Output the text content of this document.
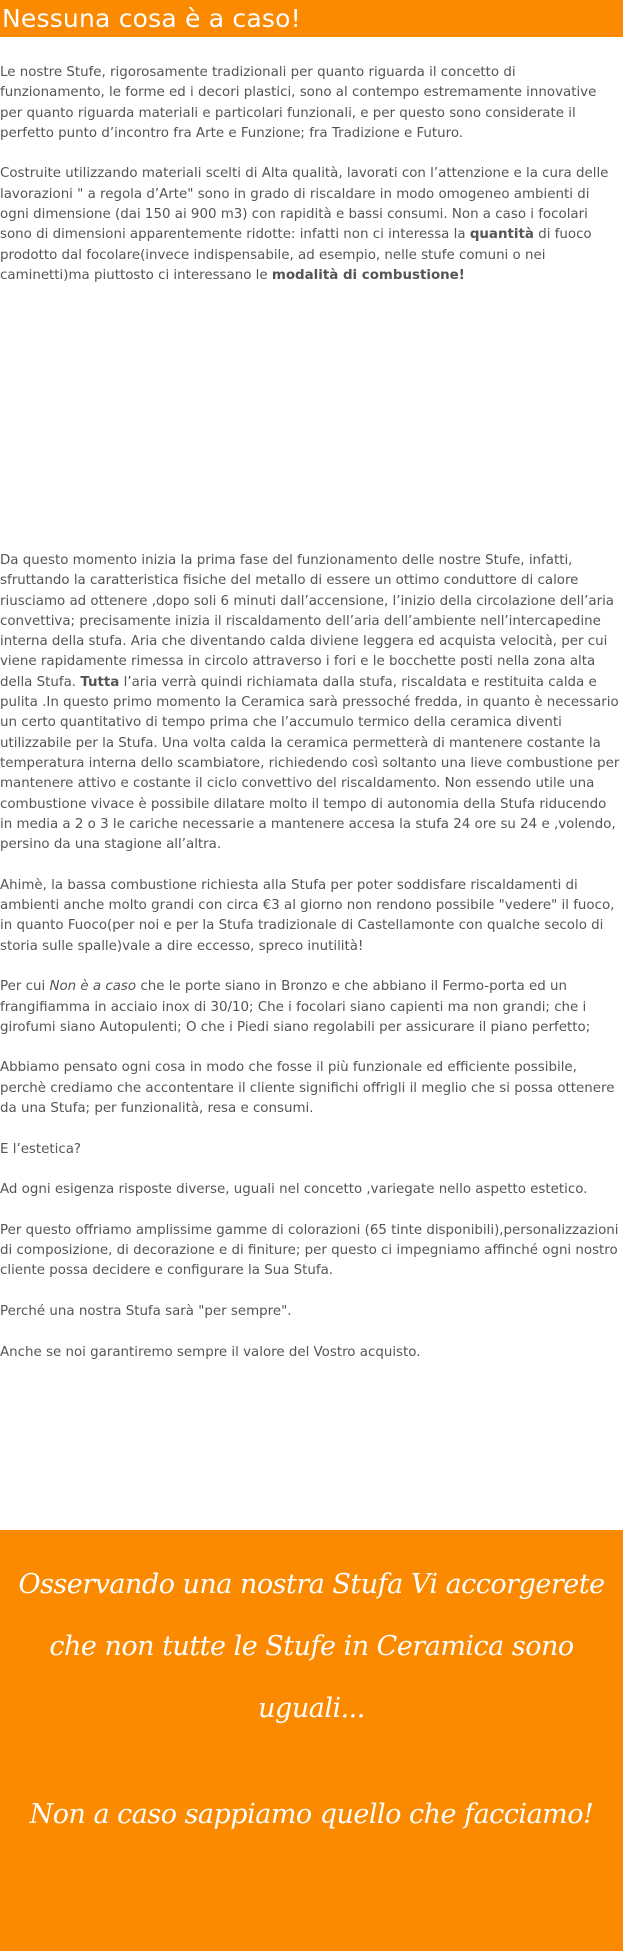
Nessuna cosa è a caso!

Le nostre Stufe, rigorosamente tradizionali per quanto riguarda il concetto di funzionamento, le forme ed i decori plastici, sono al contempo estremamente innovative per quanto riguarda materiali e particolari funzionali, e per questo sono considerate il perfetto punto d’incontro fra Arte e Funzione; fra Tradizione e Futuro.

Costruite utilizzando materiali scelti di Alta qualità, lavorati con l’attenzione e la cura delle lavorazioni " a regola d’Arte" sono in grado di riscaldare in modo omogeneo ambienti di ogni dimensione (dai 150 ai 900 m3) con rapidità e bassi consumi. Non a caso i focolari sono di dimensioni apparentemente ridotte: infatti non ci interessa la quantità di fuoco prodotto dal focolare(invece indispensabile, ad esempio, nelle stufe comuni o nei caminetti)ma piuttosto ci interessano le modalità di combustione!

Da questo momento inizia la prima fase del funzionamento delle nostre Stufe, infatti, sfruttando la caratteristica fisiche del metallo di essere un ottimo conduttore di calore riusciamo ad ottenere ,dopo soli 6 minuti dall’accensione, l’inizio della circolazione dell’aria convettiva; precisamente inizia il riscaldamento dell’aria dell’ambiente nell’intercapedine interna della stufa. Aria che diventando calda diviene leggera ed acquista velocità, per cui viene rapidamente rimessa in circolo attraverso i fori e le bocchette posti nella zona alta della Stufa. Tutta l’aria verrà quindi richiamata dalla stufa, riscaldata e restituita calda e pulita .In questo primo momento la Ceramica sarà pressoché fredda, in quanto è necessario un certo quantitativo di tempo prima che l’accumulo termico della ceramica diventi utilizzabile per la Stufa. Una volta calda la ceramica permetterà di mantenere costante la temperatura interna dello scambiatore, richiedendo così soltanto una lieve combustione per mantenere attivo e costante il ciclo convettivo del riscaldamento. Non essendo utile una combustione vivace è possibile dilatare molto il tempo di autonomia della Stufa riducendo in media a 2 o 3 le cariche necessarie a mantenere accesa la stufa 24 ore su 24 e ,volendo, persino da una stagione all’altra.

Ahimè, la bassa combustione richiesta alla Stufa per poter soddisfare riscaldamenti di ambienti anche molto grandi con circa €3 al giorno non rendono possibile "vedere" il fuoco, in quanto Fuoco(per noi e per la Stufa tradizionale di Castellamonte con qualche secolo di storia sulle spalle)vale a dire eccesso, spreco inutilità!

Per cui Non è a caso che le porte siano in Bronzo e che abbiano il Fermo-porta ed un frangifiamma in acciaio inox di 30/10; Che i focolari siano capienti ma non grandi; che i girofumi siano Autopulenti; O che i Piedi siano regolabili per assicurare il piano perfetto;

Abbiamo pensato ogni cosa in modo che fosse il più funzionale ed efficiente possibile, perchè crediamo che accontentare il cliente significhi offrigli il meglio che si possa ottenere da una Stufa; per funzionalità, resa e consumi.

E l’estetica?

Ad ogni esigenza risposte diverse, uguali nel concetto ,variegate nello aspetto estetico.

Per questo offriamo amplissime gamme di colorazioni (65 tinte disponibili),personalizzazioni di composizione, di decorazione e di finiture; per questo ci impegniamo affinché ogni nostro cliente possa decidere e configurare la Sua Stufa.

Perché una nostra Stufa sarà "per sempre".

Anche se noi garantiremo sempre il valore del Vostro acquisto.

Osservando una nostra Stufa Vi accorgerete che non tutte le Stufe in Ceramica sono uguali...
Non a caso sappiamo quello che facciamo!
